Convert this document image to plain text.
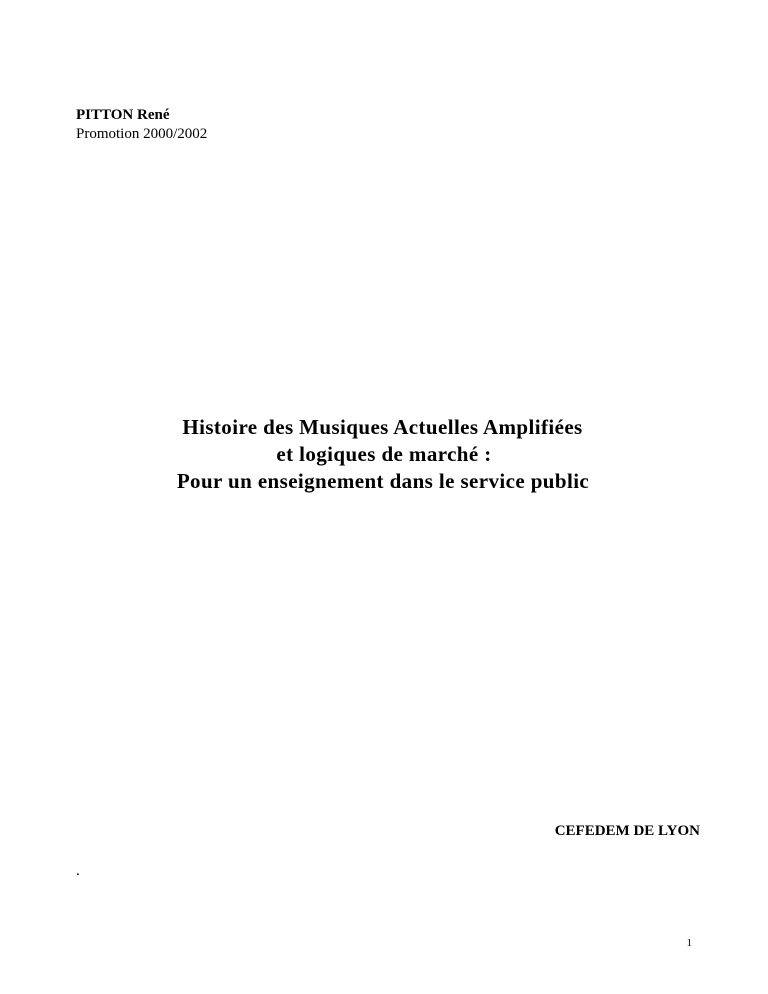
PITTON René
Promotion 2000/2002
Histoire des Musiques Actuelles Amplifiées
et logiques de marché :
Pour un enseignement dans le service public
CEFEDEM DE LYON
.
1
